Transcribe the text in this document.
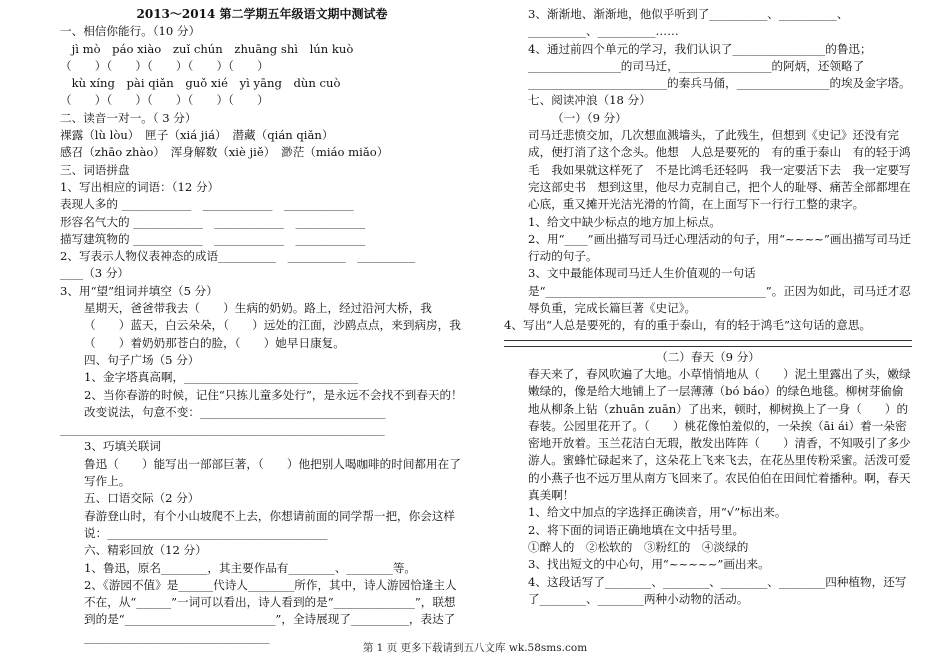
2013～2014 第二学期五年级语文期中测试卷
一、相信你能行。（10 分）
　jì mò　páo xiào　zuǐ chún　zhuāng shì　lún kuò
（　　）（　　）（　　）（　　）（　　）
　kù xíng　pài qiǎn　guǒ xié　yì yāng　dùn cuò
（　　）（　　）（　　）（　　）（　　）
二、读音一对一。（ 3 分）
裸露（lù lòu）　匣子（xiá jiá）　潜藏（qián qiǎn）
感召（zhāo zhào）　浑身解数（xiè jiě）　渺茫（miáo miǎo）
三、词语拼盘
1、写出相应的词语：（12 分）
表现人多的 ____________　____________　____________
形容名气大的 ____________　____________　____________
描写建筑物的 ____________　____________　____________
2、写表示人物仪表神态的成语__________　__________　__________
____（3 分）
3、用“望”组词并填空（5 分）
星期天，爸爸带我去（　　）生病的奶奶。路上，经过沿河大桥，我（　　）蓝天，白云朵朵，（　　）远处的江面，沙鸥点点，来到病房，我（　　）着奶奶那苍白的脸，（　　）她早日康复。
四、句子广场（5 分）
1、金字塔真高啊，______________________________
2、当你春游的时候，记住“只拣儿童多处行”，是永远不会找不到春天的！
改变说法，句意不变：________________________________
________________________________________________________
3、巧填关联词
鲁迅（　　）能写出一部部巨著，（　　）他把别人喝咖啡的时间都用在了写作上。
五、口语交际（2 分）
春游登山时，有个小山坡爬不上去，你想请前面的同学帮一把，你会这样说：______________________________________
六、精彩回放（12 分）
1、鲁迅，原名________，其主要作品有________、________等。
2、《游园不值》是______代诗人________所作，其中，诗人游园恰逢主人不在，从“______”一词可以看出，诗人看到的是“______________”，联想到的是“__________________________”，全诗展现了__________，表达了________________________________
3、渐渐地、渐渐地，他似乎听到了__________、__________、__________、__________……
4、通过前四个单元的学习，我们认识了________________的鲁迅；________________的司马迁，________________的阿炳，还领略了________________________的秦兵马俑，________________的埃及金字塔。
七、阅读冲浪（18 分）
（一）（9 分）
司马迁悲愤交加，几次想血溅墙头，了此残生，但想到《史记》还没有完成，便打消了这个念头。他想　人总是要死的　有的重于泰山　有的轻于鸿毛　我如果就这样死了　不是比鸿毛还轻吗　我一定要活下去　我一定要写完这部史书　想到这里，他尽力克制自己，把个人的耻辱、痛苦全部都埋在心底，重又摊开光洁光滑的竹简，在上面写下一行行工整的隶字。
1、给文中缺少标点的地方加上标点。
2、用“____”画出描写司马迁心理活动的句子，用“~~~~”画出描写司马迁行动的句子。
3、文中最能体现司马迁人生价值观的一句话是“______________________________________”。正因为如此，司马迁才忍辱负重，完成长篇巨著《史记》。
4、写出“人总是要死的，有的重于泰山，有的轻于鸿毛”这句话的意思。
（二）春天（9 分）
春天来了，春风吹遍了大地。小草悄悄地从（　　）泥土里露出了头，嫩绿嫩绿的，像是给大地铺上了一层薄薄（bó báo）的绿色地毯。柳树芽偷偷地从柳条上钻（zhuān zuān）了出来，顿时，柳树换上了一身（　　）的春装。公园里花开了。（　　）桃花像怕羞似的，一朵挨（āi ái）着一朵密密地开放着。玉兰花洁白无瑕，散发出阵阵（　　）清香，不知吸引了多少游人。蜜蜂忙碌起来了，这朵花上飞来飞去，在花丛里传粉采蜜。活泼可爱的小燕子也不远万里从南方飞回来了。农民伯伯在田间忙着播种。啊，春天真美啊！
1、给文中加点的字选择正确读音，用“√”标出来。
2、将下面的词语正确地填在文中括号里。
①醉人的　②松软的　③粉红的　④淡绿的
3、找出短文的中心句，用“~~~~~”画出来。
4、这段话写了________、________、________、________四种植物，还写了________、________两种小动物的活动。
第 1 页 更多下载请到五八文库 wk.58sms.com
